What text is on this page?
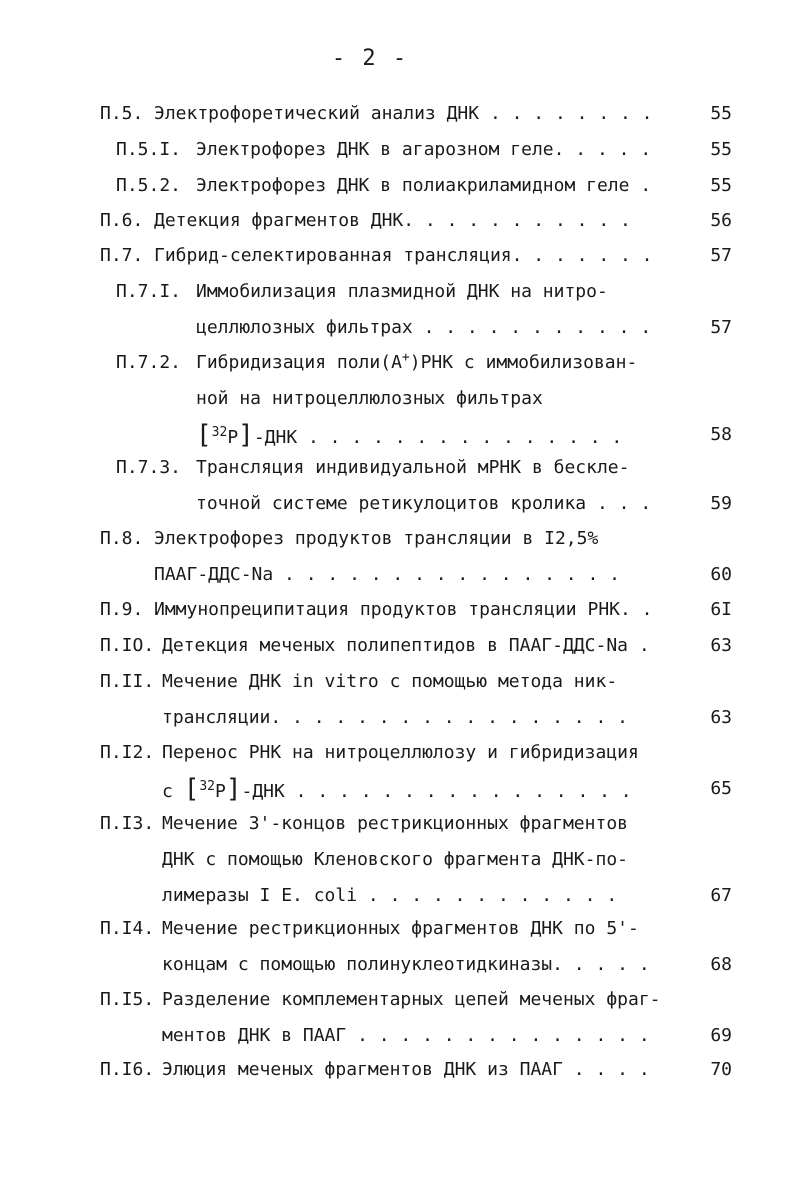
- 2 -
П.5. Электрофоретический анализ ДНК . . . . . . . .	55
П.5.I. Электрофорез ДНК в агарозном геле. . . . .	55
П.5.2. Электрофорез ДНК в полиакриламидном геле .	55
П.6. Детекция фрагментов ДНК. . . . . . . . . . .	56
П.7. Гибрид-селектированная трансляция. . . . . . .	57
П.7.I. Иммобилизация плазмидной ДНК на нитро-
целлюлозных фильтрах . . . . . . . . . . .	57
П.7.2. Гибридизация поли(А+)РНК с иммобилизован-
ной на нитроцеллюлозных фильтрах
[$^{32}$Р]-ДНК . . . . . . . . . . . . . . .	58
П.7.3. Трансляция индивидуальной мРНК в бескле-
точной системе ретикулоцитов кролика . . .	59
П.8. Электрофорез продуктов трансляции в I2,5%
ПААГ-ДДС-Na . . . . . . . . . . . . . . . .	60
П.9. Иммунопреципитация продуктов трансляции РНК. .	6I
П.IO. Детекция меченых полипептидов в ПААГ-ДДС-Na .	63
П.II. Мечение ДНК in vitro с помощью метода ник-
трансляции. . . . . . . . . . . . . . . . .	63
П.I2. Перенос РНК на нитроцеллюлозу и гибридизация
с [$^{32}$Р]-ДНК . . . . . . . . . . . . . . . .	65
П.I3. Мечение 3'-концов рестрикционных фрагментов
ДНК с помощью Кленовского фрагмента ДНК-по-
лимеразы I E. coli . . . . . . . . . . . .	67
П.I4. Мечение рестрикционных фрагментов ДНК по 5'-
концам с помощью полинуклеотидкиназы. . . . .	68
П.I5. Разделение комплементарных цепей меченых фраг-
ментов ДНК в ПААГ . . . . . . . . . . . . . .	69
П.I6. Элюция меченых фрагментов ДНК из ПААГ . . . .	70
